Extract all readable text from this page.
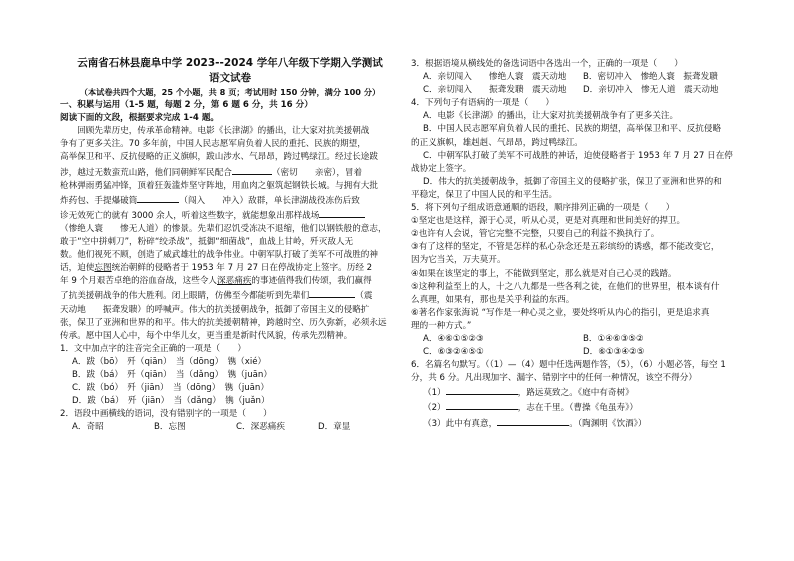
云南省石林县鹿阜中学 2023--2024 学年八年级下学期入学测试
语文试卷
（本试卷共四个大题，25 个小题，共 8 页；考试用时 150 分钟，满分 100 分）
一、积累与运用（1-5 题，每题 2 分，第 6 题 6 分，共 16 分）
阅读下面的文段，根据要求完成 1-4 题。
回顾先辈历史，传承革命精神。电影《长津湖》的播出，让大家对抗美援朝战
争有了更多关注。70 多年前，中国人民志愿军肩负着人民的重托、民族的期望，
高举保卫和平、反抗侵略的正义旗帜，跋山涉水、气昂昂，跨过鸭绿江。经过长途跋
涉，越过无数蛮荒山路，他们同朝鲜军民配合	（密切　　亲密），冒着
枪林弹雨勇猛冲锋，顶着狂轰滥炸坚守阵地，用血肉之躯筑起钢铁长城。与拥有大批
炸药包、手提爆破筒	（闯入　　冲入）敌群，单长津湖战役冻伤后致
诊无效死亡的就有 3000 余人，听着这些数字，就能想象出那样战场
（惨绝人寰　　惨无人道）的惨景。先辈们忍饥受冻决不退缩，他们以钢铁般的意志，
敢于“空中拼刺刀”，粉碎“绞杀战”，抵御“细菌战”，血战上甘岭，歼灭敌人无
数。他们视死不顾，创造了威武雄壮的战争伟业。中朝军队打破了美军不可战胜的神
话，迫使忘图统治朝鲜的侵略者于 1953 年 7 月 27 日在停战协定上签字。历经 2
年 9 个月艰苦卓绝的浴血奋战，这些令人深恶痛疾的事迹值得我们传颂，我们赢得
了抗美援朝战争的伟大胜利。闭上眼睛，仿佛至今都能听到先辈们	（震
天动地　　振聋发聩）的呼喊声。伟大的抗美援朝战争，抵御了帝国主义的侵略扩
张，保卫了亚洲和世界的和平。伟大的抗美援朝精神，跨越时空、历久弥新，必须永远
传承。愿中国人心中，每个中华儿女，更当重是新时代风貌，传承先烈精神。
1．文中加点字的注音完全正确的一项是（　　）
A．跋（bō）　歼（qiān）　当（dōng）　镌（xié）
B．跋（bá）　歼（qiān）　当（dǎng）　镌（juān）
C．跋（bó）　歼（jiān）　当（dōng）　镌（juān）
D．跋（bá）　歼（jiān）　当（dǎng）　镌（juǎn）
2．语段中画横线的语词，没有错别字的一项是（　　）
A．奇昭	B．忘图	C．深恶痛疾	D．章显
3．根据语境从横线处的备选词语中各选出一个，正确的一项是（　　）
A．亲切闯入　　惨绝人寰　震天动地	B．密切冲入　惨绝人寰　振聋发聩
C．亲切闯入　　振聋发聩　震天动地	D．亲切冲入　惨无人道　震天动地
4．下列句子有语病的一项是（　　）
A．电影《长津湖》的播出，让大家对抗美援朝战争有了更多关注。
B．中国人民志愿军肩负着人民的重托、民族的期望，高举保卫和平、反抗侵略
的正义旗帜，雄赳赳、气昂昂，跨过鸭绿江。
C．中朝军队打破了美军不可战胜的神话，迫使侵略者于 1953 年 7 月 27 日在停
战协定上签字。
D．伟大的抗美援朝战争，抵御了帝国主义的侵略扩张，保卫了亚洲和世界的和
平稳定，保卫了中国人民的和平生活。
5．将下列句子组成语意通顺的语段，顺序排列正确的一项是（　　）
①坚定也是这样，源于心灵，听从心灵，更是对真理和世间美好的捍卫。
②也许有人会说，管它完整不完整，只要自己的利益不换执行了。
③有了这样的坚定，不管是怎样的私心杂念还是五彩缤纷的诱惑，都不能改变它，
因为它当关，万夫莫开。
④如果在该坚定的事上，不能做到坚定，那么就是对自己心灵的践踏。
⑤这种利益至上的人，十之八九都是一些各利之徒，在他们的世界里，根本谈有什
么真理，如果有，那也是关乎利益的东西。
⑥著名作家张海说 “写作是一种心灵之业，要处终听从内心的指引，更是追求真
理的一种方式。”
A．④⑥①⑤②③	B．①④⑥③⑤②
C．⑥③②④⑤①	D．⑥①③④②⑤
6．名篇名句默写。（（1）—（4）题中任选两题作答，（5），（6）小题必答，每空 1
分，共 6 分。凡出现加字、漏字、错别字中的任何一种情况，该空不得分）
（1）	，路远莫致之。《庭中有奇树》
（2）	，志在千里。（曹操《龟虽寿》）
（3）此中有真意，	。（陶渊明《饮酒》）
